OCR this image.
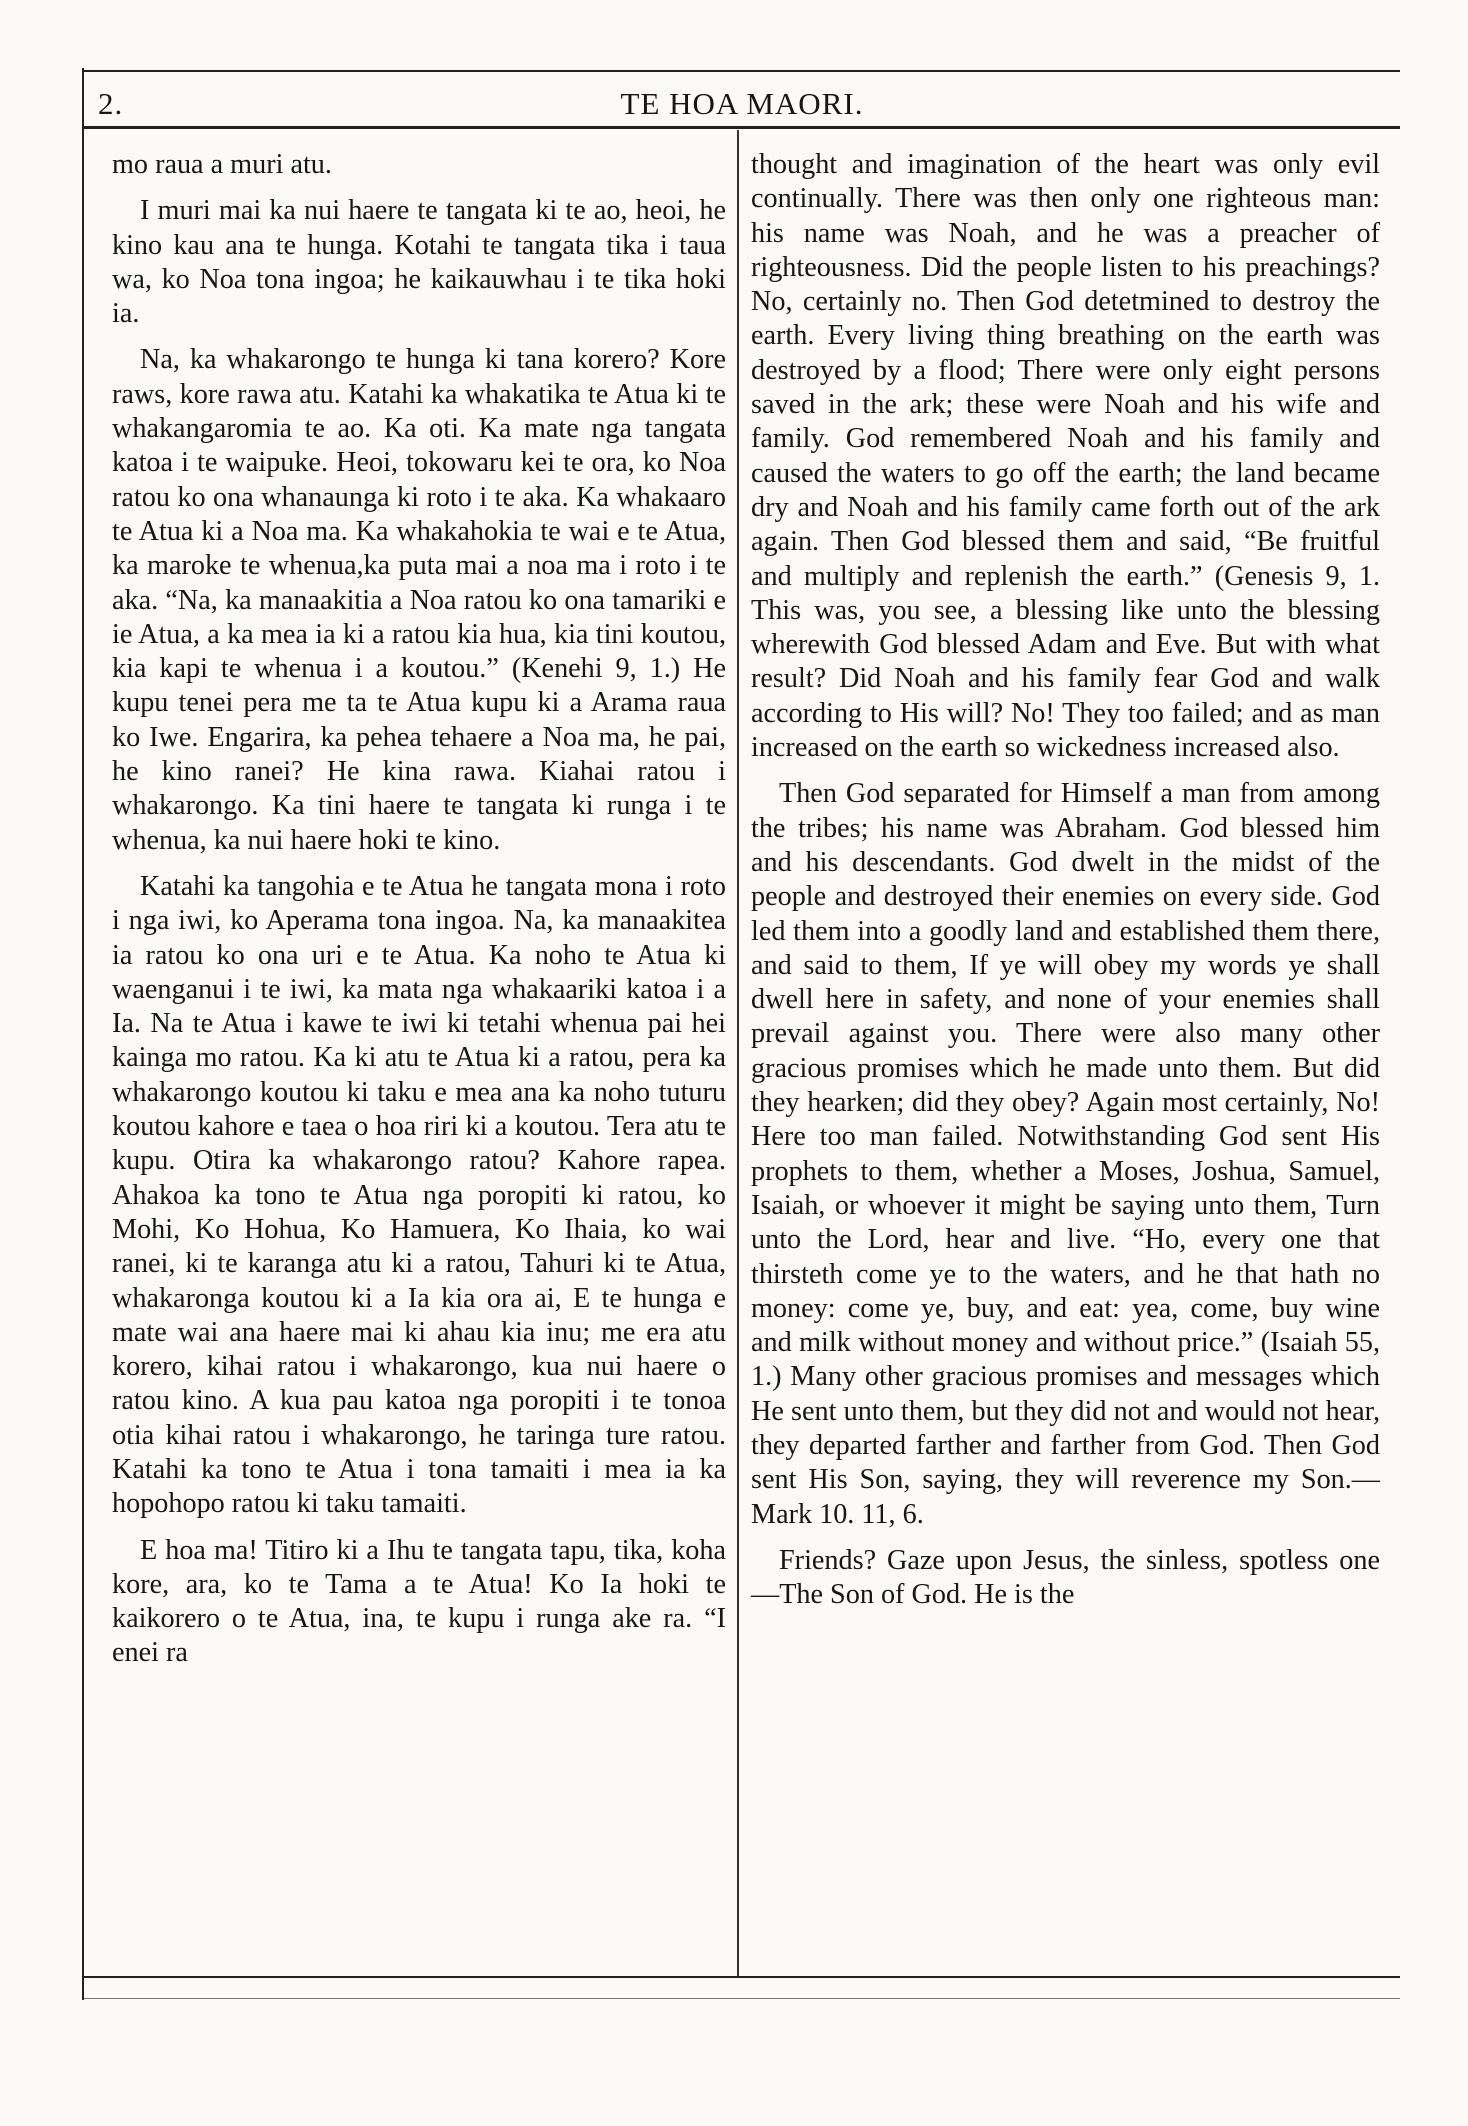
2.	TE HOA MAORI.

mo raua a muri atu.

I muri mai ka nui haere te tangata ki te ao, heoi, he kino kau ana te hunga. Kotahi te tangata tika i taua wa, ko Noa tona ingoa; he kaikauwhau i te tika hoki ia.

Na, ka whakarongo te hunga ki tana korero? Kore raws, kore rawa atu. Katahi ka whakatika te Atua ki te whakangaromia te ao. Ka oti. Ka mate nga tangata katoa i te waipuke. Heoi, tokowaru kei te ora, ko Noa ratou ko ona whanaunga ki roto i te aka. Ka whakaaro te Atua ki a Noa ma. Ka whakahokia te wai e te Atua, ka maroke te whenua,ka puta mai a noa ma i roto i te aka. “Na, ka manaakitia a Noa ratou ko ona tamariki e ie Atua, a ka mea ia ki a ratou kia hua, kia tini koutou, kia kapi te whenua i a koutou.” (Kenehi 9, 1.) He kupu tenei pera me ta te Atua kupu ki a Arama raua ko Iwe. Engarira, ka pehea tehaere a Noa ma, he pai, he kino ranei? He kina rawa. Kiahai ratou i whakarongo. Ka tini haere te tangata ki runga i te whenua, ka nui haere hoki te kino.

Katahi ka tangohia e te Atua he tangata mona i roto i nga iwi, ko Aperama tona ingoa. Na, ka manaakitea ia ratou ko ona uri e te Atua. Ka noho te Atua ki waenganui i te iwi, ka mata nga whakaariki katoa i a Ia. Na te Atua i kawe te iwi ki tetahi whenua pai hei kainga mo ratou. Ka ki atu te Atua ki a ratou, pera ka whakarongo koutou ki taku e mea ana ka noho tuturu koutou kahore e taea o hoa riri ki a koutou. Tera atu te kupu. Otira ka whakarongo ratou? Kahore rapea. Ahakoa ka tono te Atua nga poropiti ki ratou, ko Mohi, Ko Hohua, Ko Hamuera, Ko Ihaia, ko wai ranei, ki te karanga atu ki a ratou, Tahuri ki te Atua, whakaronga koutou ki a Ia kia ora ai, E te hunga e mate wai ana haere mai ki ahau kia inu; me era atu korero, kihai ratou i whakarongo, kua nui haere o ratou kino. A kua pau katoa nga poropiti i te tonoa otia kihai ratou i whakarongo, he taringa ture ratou. Katahi ka tono te Atua i tona tamaiti i mea ia ka hopohopo ratou ki taku tamaiti.

E hoa ma! Titiro ki a Ihu te tangata tapu, tika, koha kore, ara, ko te Tama a te Atua! Ko Ia hoki te kaikorero o te Atua, ina, te kupu i runga ake ra. “I enei ra

thought and imagination of the heart was only evil continually. There was then only one righteous man: his name was Noah, and he was a preacher of righteousness. Did the people listen to his preachings? No, certainly no. Then God detetmined to destroy the earth. Every living thing breathing on the earth was destroyed by a flood; There were only eight persons saved in the ark; these were Noah and his wife and family. God remembered Noah and his family and caused the waters to go off the earth; the land became dry and Noah and his family came forth out of the ark again. Then God blessed them and said, “Be fruitful and multiply and replenish the earth.” (Genesis 9, 1. This was, you see, a blessing like unto the blessing wherewith God blessed Adam and Eve. But with what result? Did Noah and his family fear God and walk according to His will? No! They too failed; and as man increased on the earth so wickedness increased also.

Then God separated for Himself a man from among the tribes; his name was Abraham. God blessed him and his descendants. God dwelt in the midst of the people and destroyed their enemies on every side. God led them into a goodly land and established them there, and said to them, If ye will obey my words ye shall dwell here in safety, and none of your enemies shall prevail against you. There were also many other gracious promises which he made unto them. But did they hearken; did they obey? Again most certainly, No! Here too man failed. Notwithstanding God sent His prophets to them, whether a Moses, Joshua, Samuel, Isaiah, or whoever it might be saying unto them, Turn unto the Lord, hear and live. “Ho, every one that thirsteth come ye to the waters, and he that hath no money: come ye, buy, and eat: yea, come, buy wine and milk without money and without price.” (Isaiah 55, 1.) Many other gracious promises and messages which He sent unto them, but they did not and would not hear, they departed farther and farther from God. Then God sent His Son, saying, they will reverence my Son.—Mark 10. 11, 6.

Friends? Gaze upon Jesus, the sinless, spotless one—The Son of God. He is the
